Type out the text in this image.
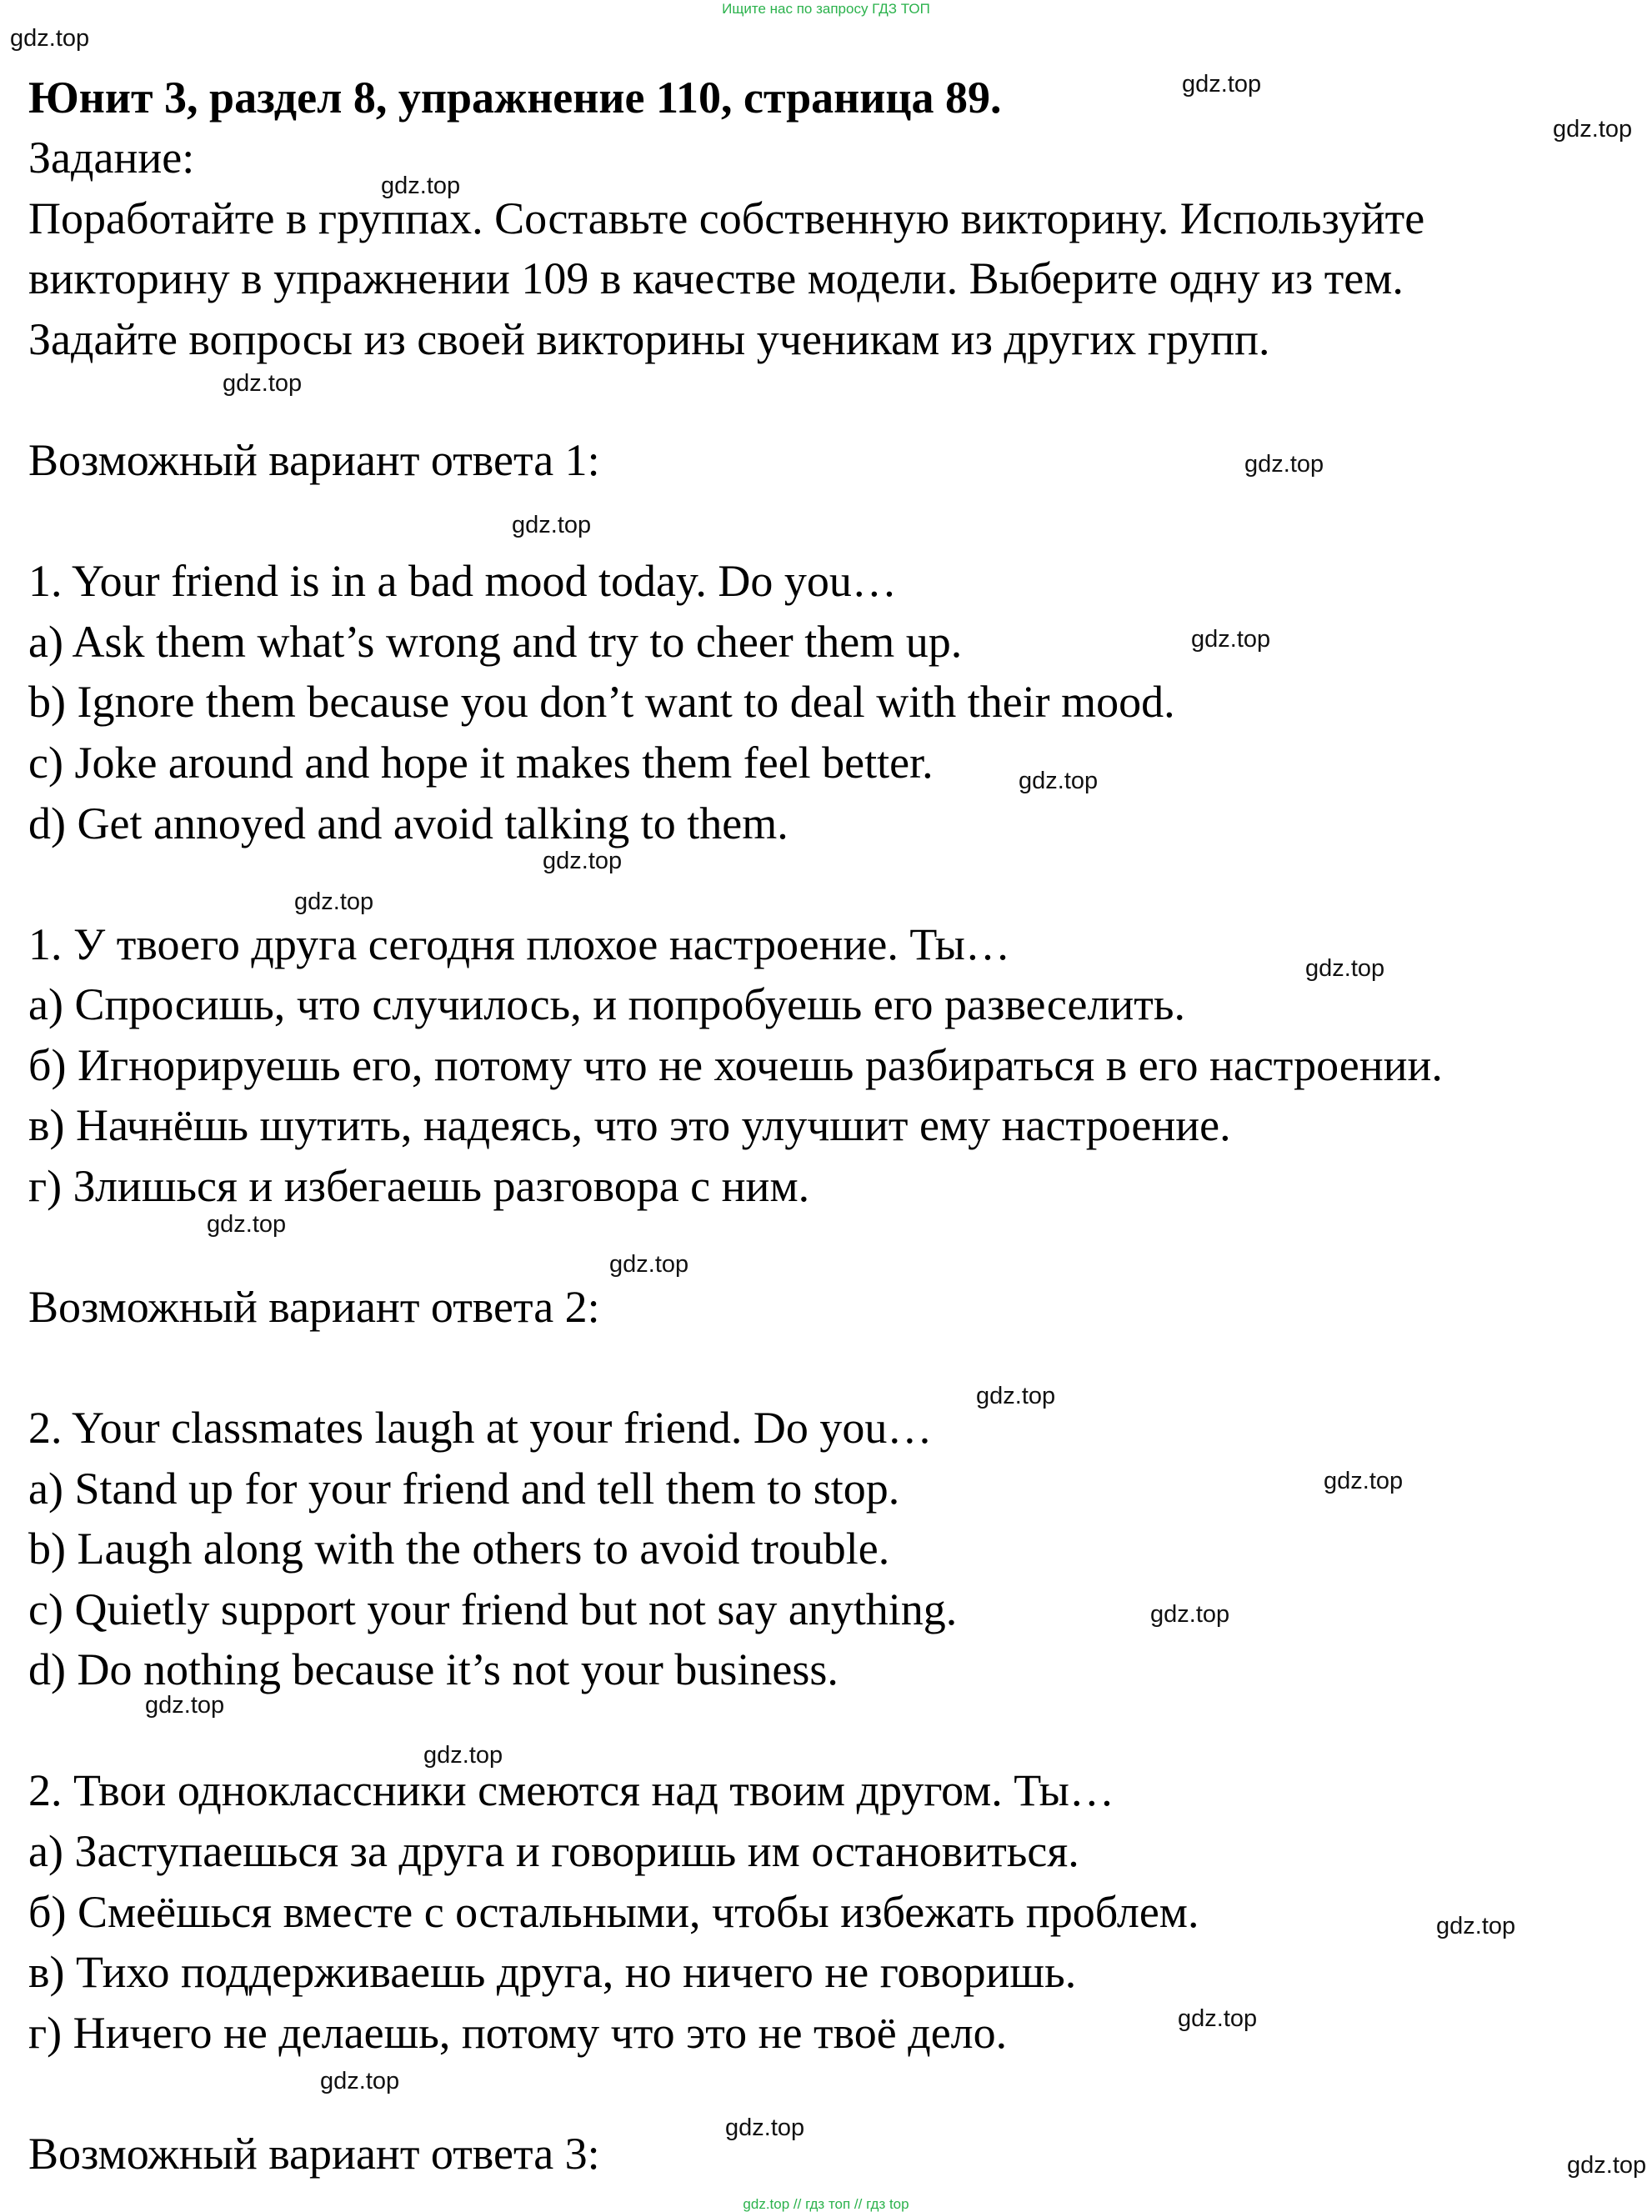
Ищите нас по запросу ГДЗ ТОП
gdz.top // гдз топ // гдз top
gdz.top
gdz.top
gdz.top
gdz.top
gdz.top
gdz.top
gdz.top
gdz.top
gdz.top
gdz.top
gdz.top
gdz.top
gdz.top
gdz.top
gdz.top
gdz.top
gdz.top
gdz.top
gdz.top
gdz.top
gdz.top
gdz.top
gdz.top
gdz.top
Юнит 3, раздел 8, упражнение 110, страница 89.
Задание:
Поработайте в группах. Составьте собственную викторину. Используйте
викторину в упражнении 109 в качестве модели. Выберите одну из тем.
Задайте вопросы из своей викторины ученикам из других групп.
Возможный вариант ответа 1:
1. Your friend is in a bad mood today. Do you…
a) Ask them what’s wrong and try to cheer them up.
b) Ignore them because you don’t want to deal with their mood.
c) Joke around and hope it makes them feel better.
d) Get annoyed and avoid talking to them.
1. У твоего друга сегодня плохое настроение. Ты…
а) Спросишь, что случилось, и попробуешь его развеселить.
б) Игнорируешь его, потому что не хочешь разбираться в его настроении.
в) Начнёшь шутить, надеясь, что это улучшит ему настроение.
г) Злишься и избегаешь разговора с ним.
Возможный вариант ответа 2:
2. Your classmates laugh at your friend. Do you…
a) Stand up for your friend and tell them to stop.
b) Laugh along with the others to avoid trouble.
c) Quietly support your friend but not say anything.
d) Do nothing because it’s not your business.
2. Твои одноклассники смеются над твоим другом. Ты…
а) Заступаешься за друга и говоришь им остановиться.
б) Смеёшься вместе с остальными, чтобы избежать проблем.
в) Тихо поддерживаешь друга, но ничего не говоришь.
г) Ничего не делаешь, потому что это не твоё дело.
Возможный вариант ответа 3:
